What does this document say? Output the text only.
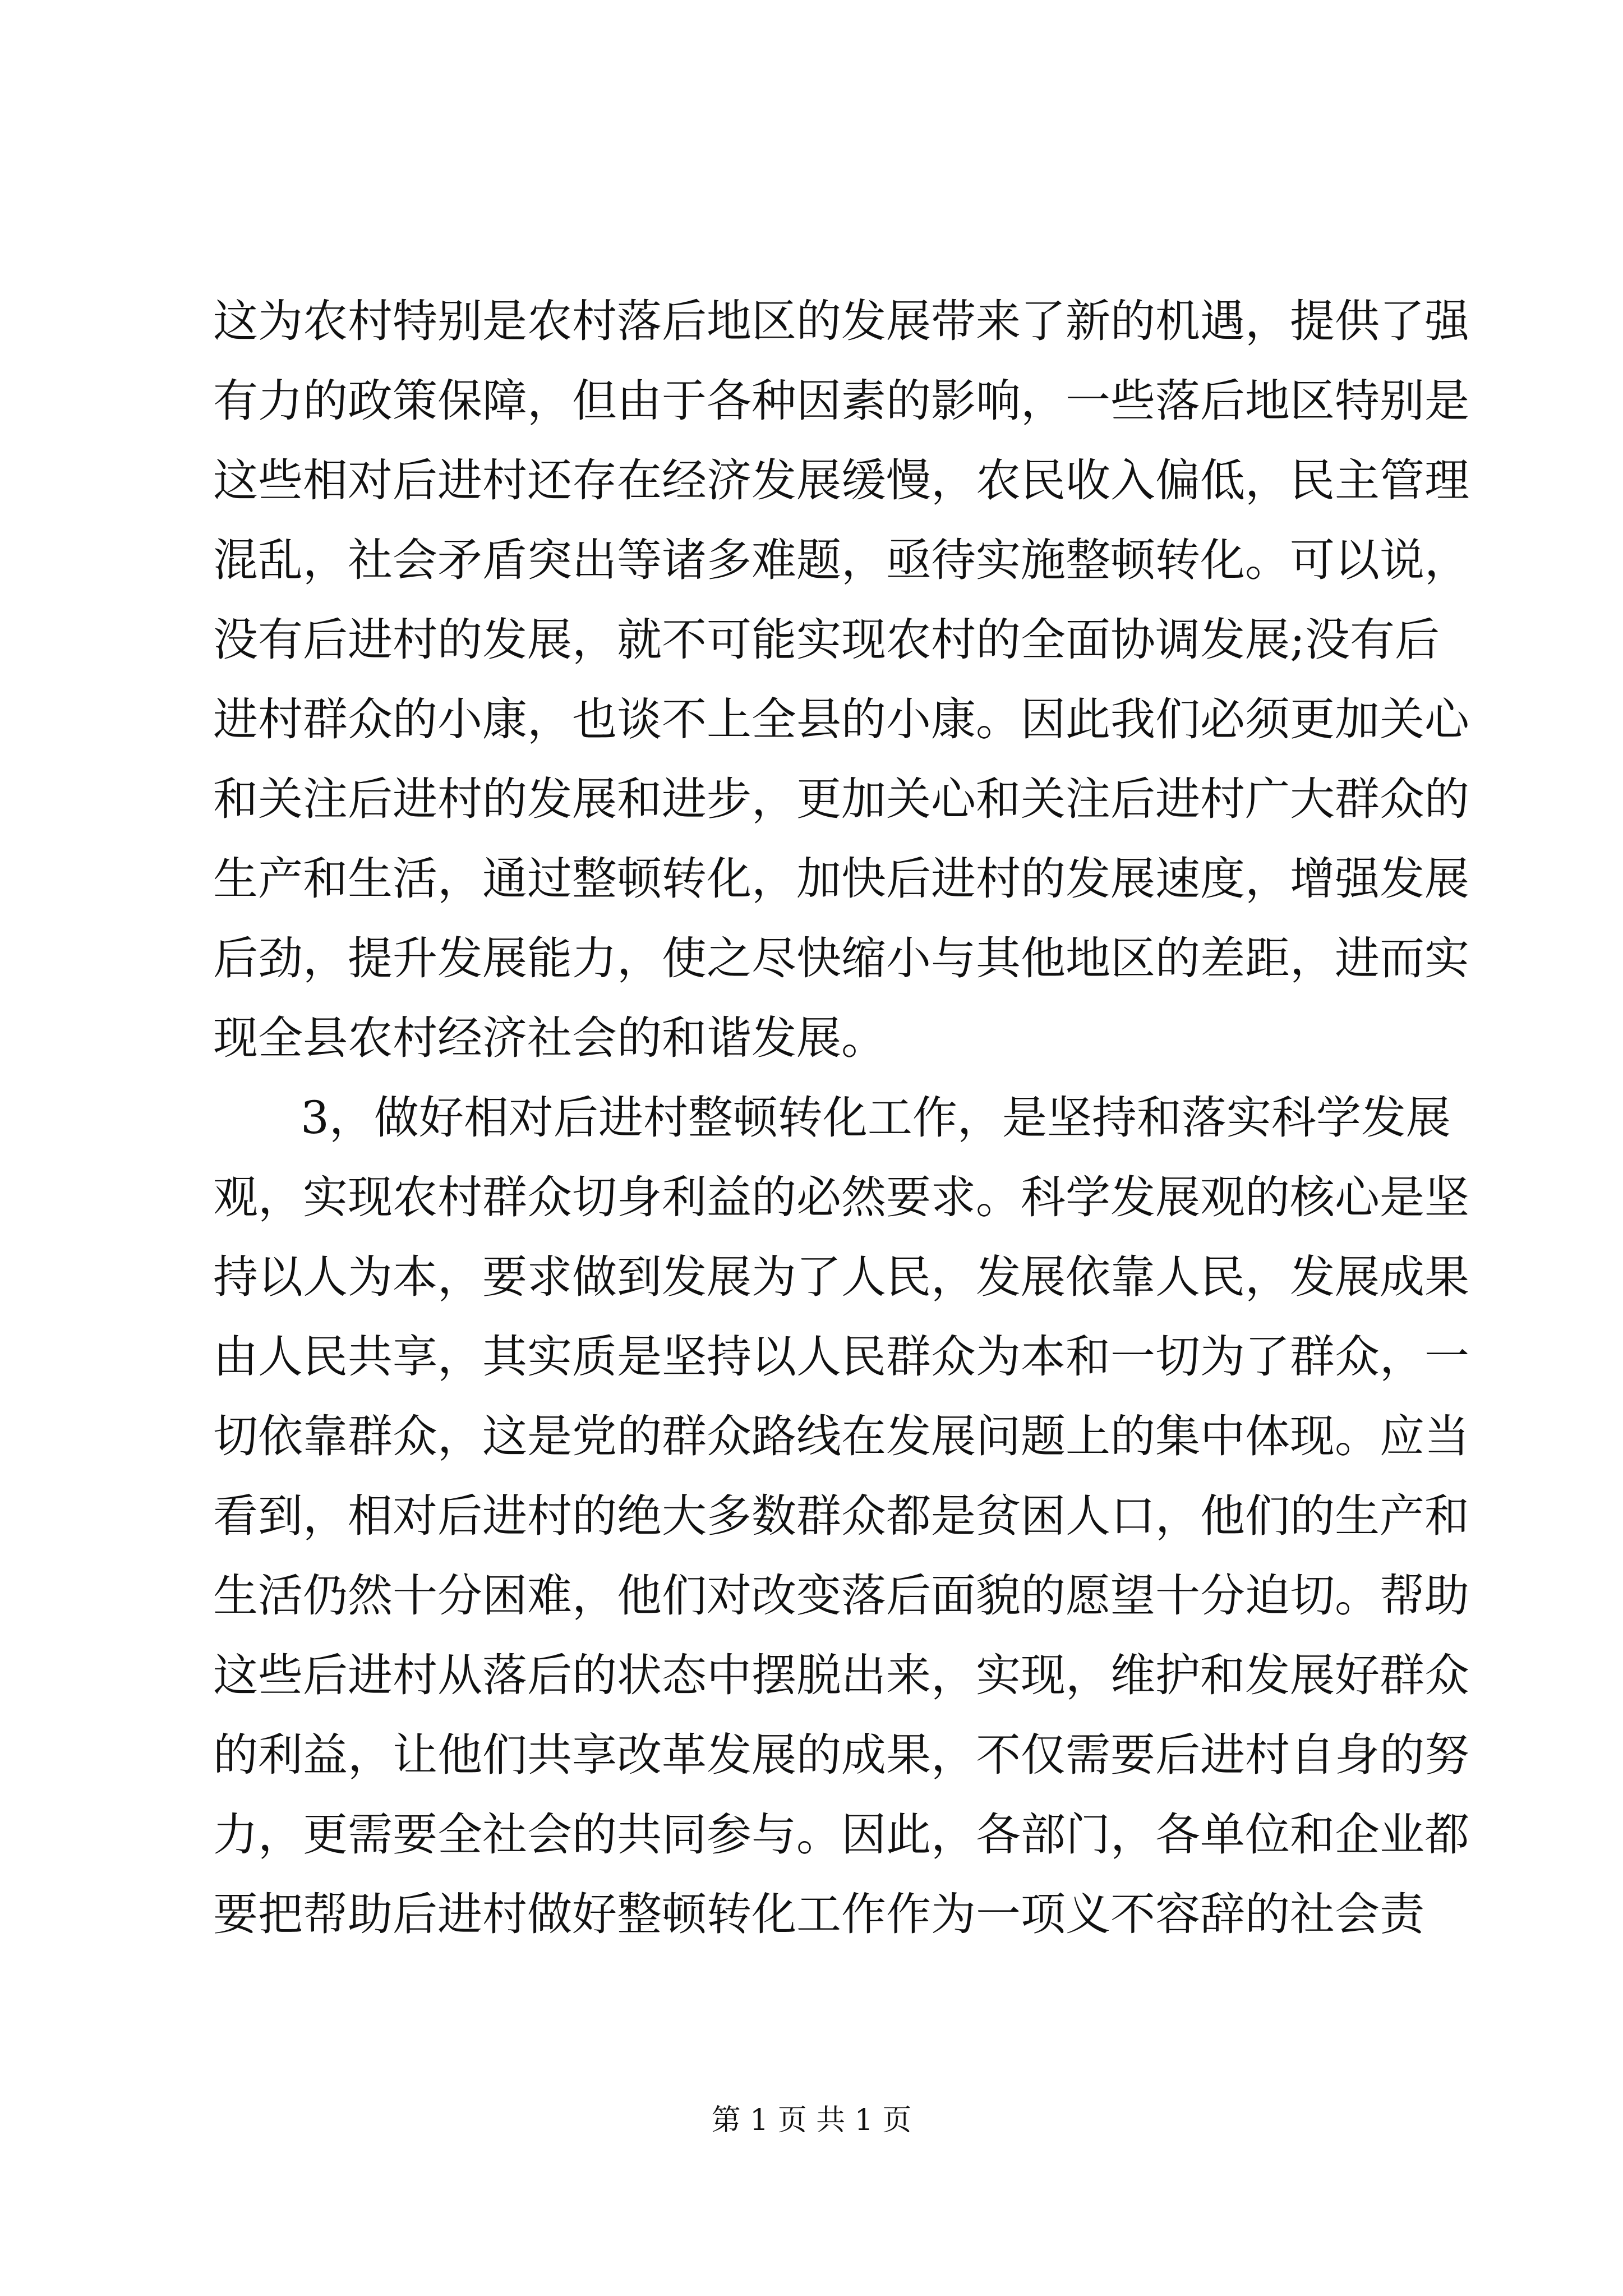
这为农村特别是农村落后地区的发展带来了新的机遇，提供了强
有力的政策保障，但由于各种因素的影响，一些落后地区特别是
这些相对后进村还存在经济发展缓慢，农民收入偏低，民主管理
混乱，社会矛盾突出等诸多难题，亟待实施整顿转化。可以说，
没有后进村的发展，就不可能实现农村的全面协调发展;没有后
进村群众的小康，也谈不上全县的小康。因此我们必须更加关心
和关注后进村的发展和进步，更加关心和关注后进村广大群众的
生产和生活，通过整顿转化，加快后进村的发展速度，增强发展
后劲，提升发展能力，使之尽快缩小与其他地区的差距，进而实
现全县农村经济社会的和谐发展。
3，做好相对后进村整顿转化工作，是坚持和落实科学发展
观，实现农村群众切身利益的必然要求。科学发展观的核心是坚
持以人为本，要求做到发展为了人民，发展依靠人民，发展成果
由人民共享，其实质是坚持以人民群众为本和一切为了群众，一
切依靠群众，这是党的群众路线在发展问题上的集中体现。应当
看到，相对后进村的绝大多数群众都是贫困人口，他们的生产和
生活仍然十分困难，他们对改变落后面貌的愿望十分迫切。帮助
这些后进村从落后的状态中摆脱出来，实现，维护和发展好群众
的利益，让他们共享改革发展的成果，不仅需要后进村自身的努
力，更需要全社会的共同参与。因此，各部门，各单位和企业都
要把帮助后进村做好整顿转化工作作为一项义不容辞的社会责
第 1 页 共 1 页
